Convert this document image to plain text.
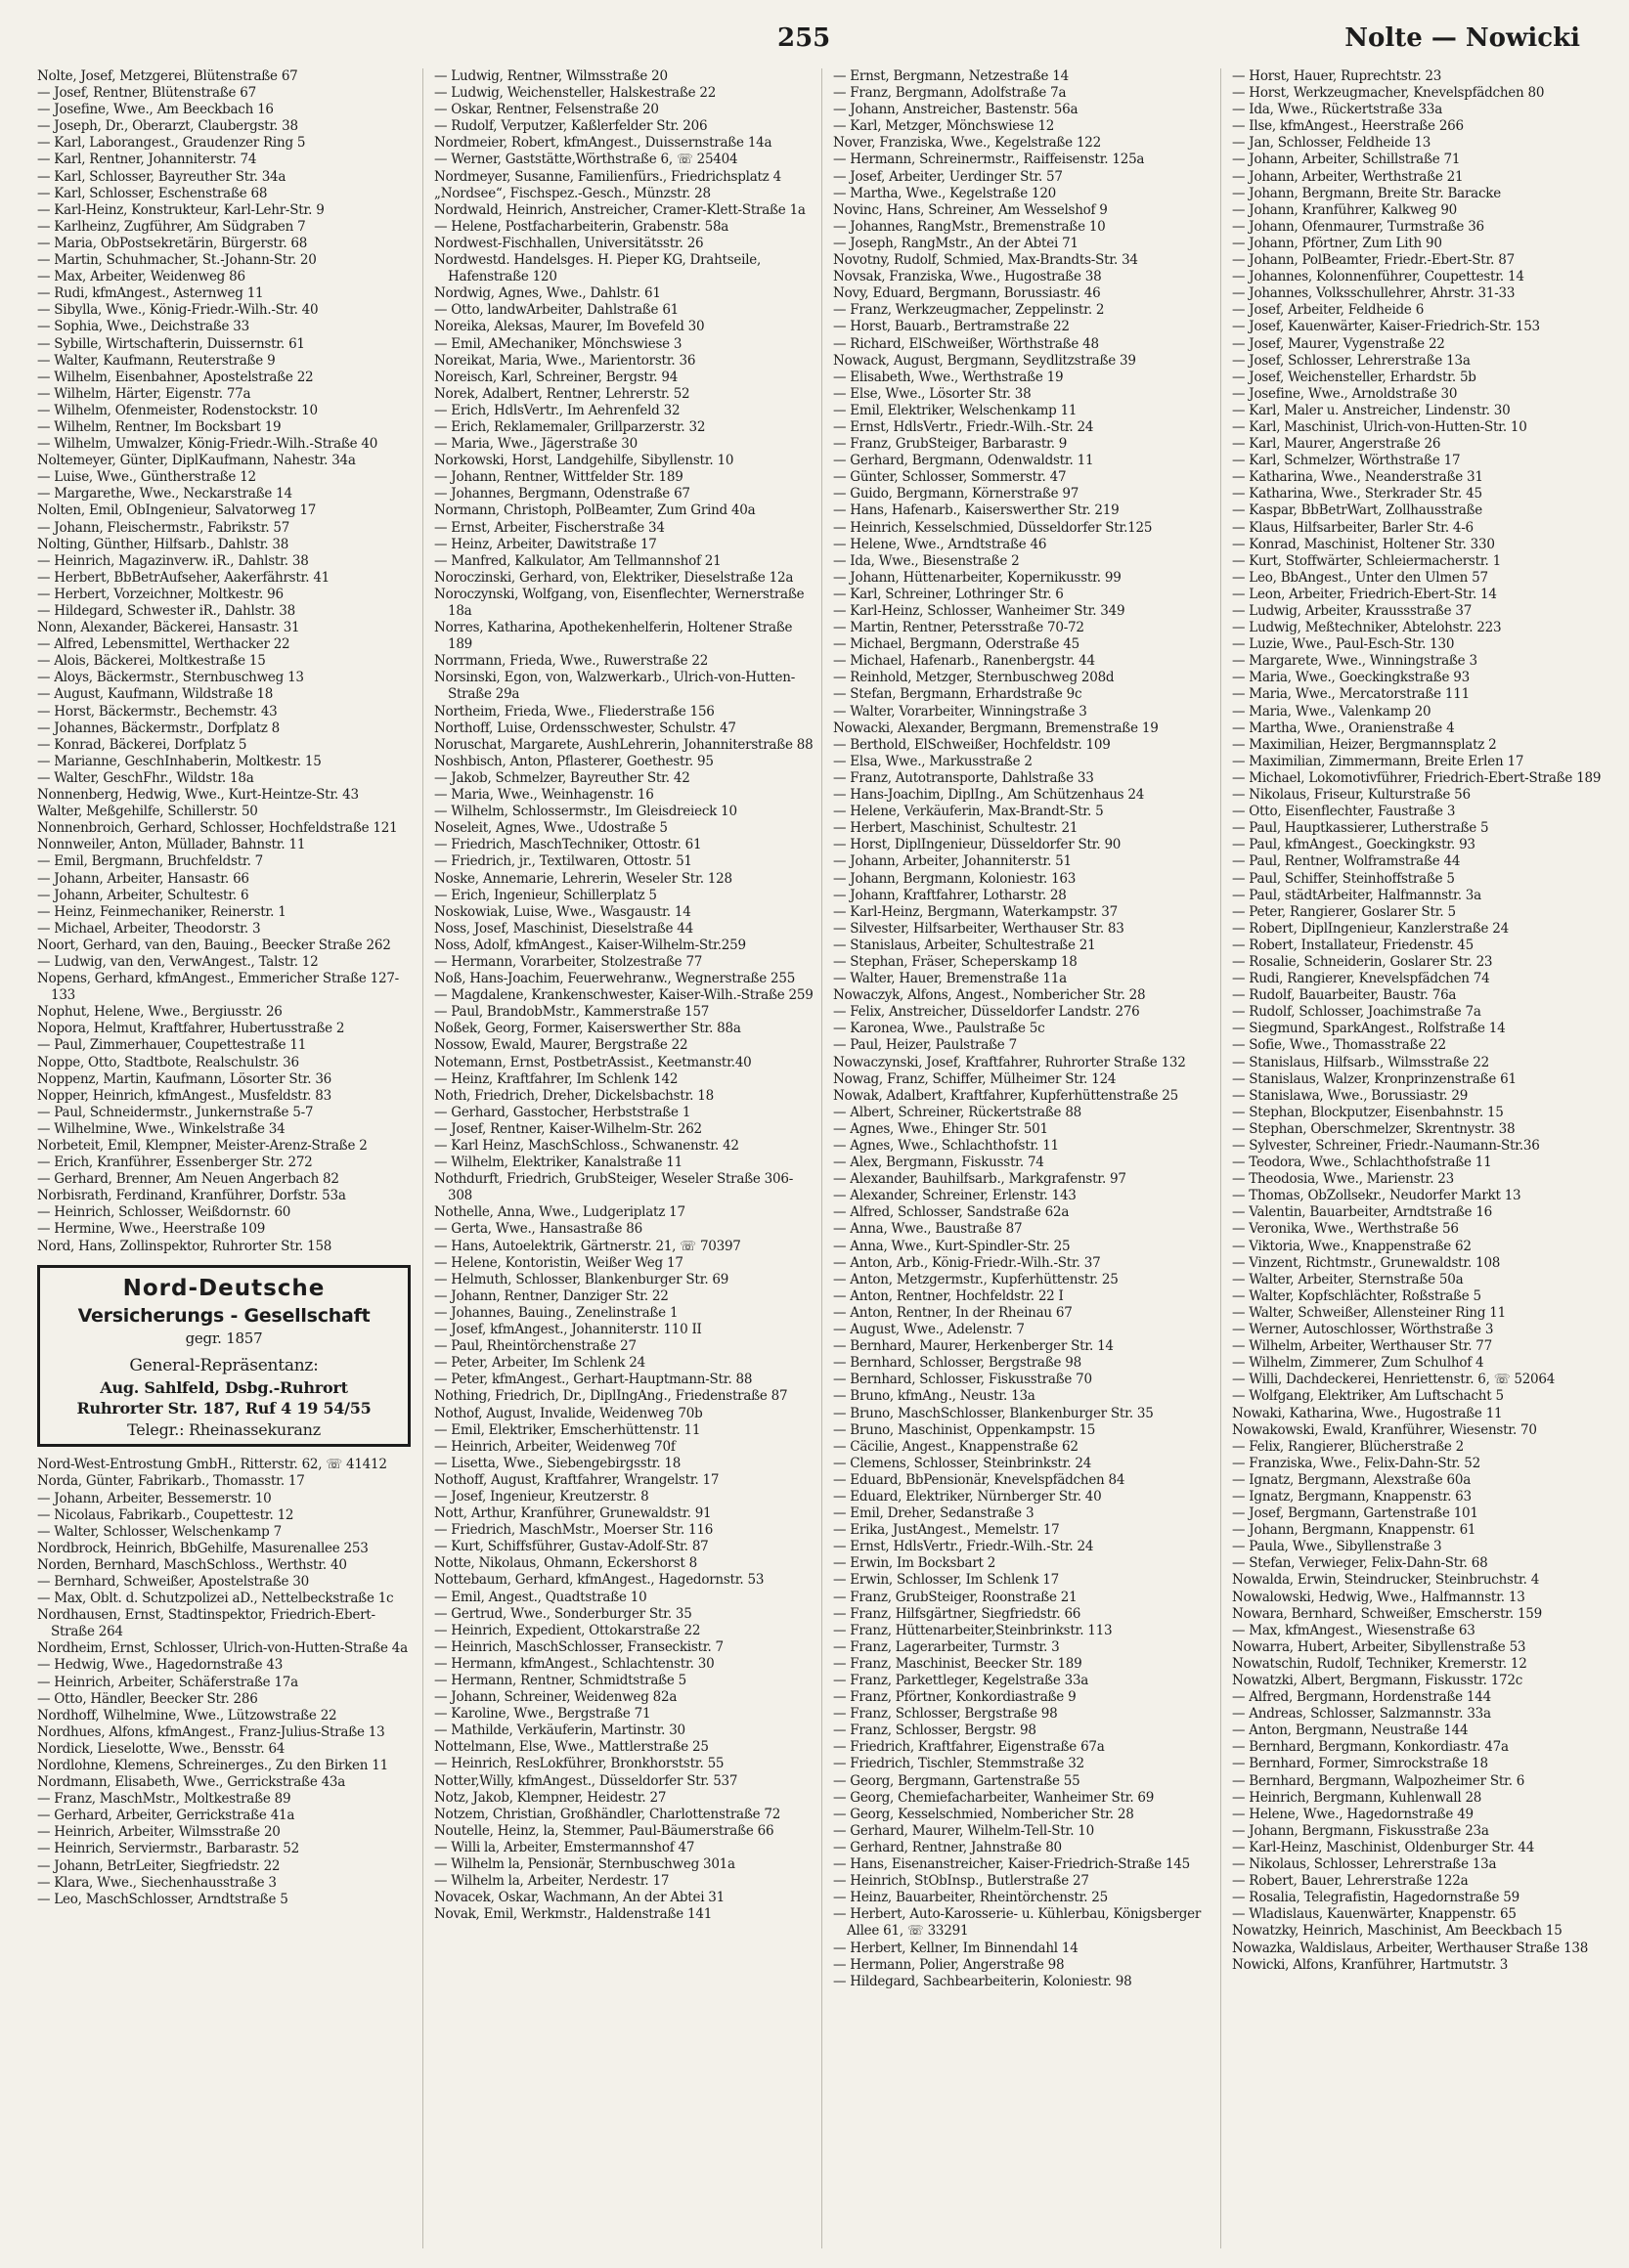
255	Nolte — Nowicki
Nolte, Josef, Metzgerei, Blütenstraße 67
— Josef, Rentner, Blütenstraße 67
— Josefine, Wwe., Am Beeckbach 16
— Joseph, Dr., Oberarzt, Claubergstr. 38
— Karl, Laborangest., Graudenzer Ring 5
— Karl, Rentner, Johanniterstr. 74
— Karl, Schlosser, Bayreuther Str. 34a
— Karl, Schlosser, Eschenstraße 68
— Karl-Heinz, Konstrukteur, Karl-Lehr-Str. 9
— Karlheinz, Zugführer, Am Südgraben 7
— Maria, ObPostsekretärin, Bürgerstr. 68
— Martin, Schuhmacher, St.-Johann-Str. 20
— Max, Arbeiter, Weidenweg 86
— Rudi, kfmAngest., Asternweg 11
— Sibylla, Wwe., König-Friedr.-Wilh.-Str. 40
— Sophia, Wwe., Deichstraße 33
— Sybille, Wirtschafterin, Duissernstr. 61
— Walter, Kaufmann, Reuterstraße 9
— Wilhelm, Eisenbahner, Apostelstraße 22
— Wilhelm, Härter, Eigenstr. 77a
— Wilhelm, Ofenmeister, Rodenstockstr. 10
— Wilhelm, Rentner, Im Bocksbart 19
— Wilhelm, Umwalzer, König-Friedr.-Wilh.-Straße 40
Noltemeyer, Günter, DiplKaufmann, Nahestr. 34a
— Luise, Wwe., Güntherstraße 12
— Margarethe, Wwe., Neckarstraße 14
Nolten, Emil, ObIngenieur, Salvatorweg 17
— Johann, Fleischermstr., Fabrikstr. 57
Nolting, Günther, Hilfsarb., Dahlstr. 38
— Heinrich, Magazinverw. iR., Dahlstr. 38
— Herbert, BbBetrAufseher, Aakerfährstr. 41
— Herbert, Vorzeichner, Moltkestr. 96
— Hildegard, Schwester iR., Dahlstr. 38
Nonn, Alexander, Bäckerei, Hansastr. 31
— Alfred, Lebensmittel, Werthacker 22
— Alois, Bäckerei, Moltkestraße 15
— Aloys, Bäckermstr., Sternbuschweg 13
— August, Kaufmann, Wildstraße 18
— Horst, Bäckermstr., Bechemstr. 43
— Johannes, Bäckermstr., Dorfplatz 8
— Konrad, Bäckerei, Dorfplatz 5
— Marianne, GeschInhaberin, Moltkestr. 15
— Walter, GeschFhr., Wildstr. 18a
Nonnenberg, Hedwig, Wwe., Kurt-Heintze-Str. 43
Walter, Meßgehilfe, Schillerstr. 50
Nonnenbroich, Gerhard, Schlosser, Hochfeldstraße 121
Nonnweiler, Anton, Müllader, Bahnstr. 11
— Emil, Bergmann, Bruchfeldstr. 7
— Johann, Arbeiter, Hansastr. 66
— Johann, Arbeiter, Schultestr. 6
— Heinz, Feinmechaniker, Reinerstr. 1
— Michael, Arbeiter, Theodorstr. 3
Noort, Gerhard, van den, Bauing., Beecker Straße 262
— Ludwig, van den, VerwAngest., Talstr. 12
Nopens, Gerhard, kfmAngest., Emmericher Straße 127-133
Nophut, Helene, Wwe., Bergiusstr. 26
Nopora, Helmut, Kraftfahrer, Hubertusstraße 2
— Paul, Zimmerhauer, Coupettestraße 11
Noppe, Otto, Stadtbote, Realschulstr. 36
Noppenz, Martin, Kaufmann, Lösorter Str. 36
Nopper, Heinrich, kfmAngest., Musfeldstr. 83
— Paul, Schneidermstr., Junkernstraße 5-7
— Wilhelmine, Wwe., Winkelstraße 34
Norbeteit, Emil, Klempner, Meister-Arenz-Straße 2
— Erich, Kranführer, Essenberger Str. 272
— Gerhard, Brenner, Am Neuen Angerbach 82
Norbisrath, Ferdinand, Kranführer, Dorfstr. 53a
— Heinrich, Schlosser, Weißdornstr. 60
— Hermine, Wwe., Heerstraße 109
Nord, Hans, Zollinspektor, Ruhrorter Str. 158
Nord-Deutsche
Versicherungs - Gesellschaft
gegr. 1857
General-Repräsentanz:
Aug. Sahlfeld, Dsbg.-Ruhrort
Ruhrorter Str. 187, Ruf 4 19 54/55
Telegr.: Rheinassekuranz
Nord-West-Entrostung GmbH., Ritterstr. 62, ☏ 41412
Norda, Günter, Fabrikarb., Thomasstr. 17
— Johann, Arbeiter, Bessemerstr. 10
— Nicolaus, Fabrikarb., Coupettestr. 12
— Walter, Schlosser, Welschenkamp 7
Nordbrock, Heinrich, BbGehilfe, Masurenallee 253
Norden, Bernhard, MaschSchloss., Werthstr. 40
— Bernhard, Schweißer, Apostelstraße 30
— Max, Oblt. d. Schutzpolizei aD., Nettelbeckstraße 1c
Nordhausen, Ernst, Stadtinspektor, Friedrich-Ebert-Straße 264
Nordheim, Ernst, Schlosser, Ulrich-von-Hutten-Straße 4a
— Hedwig, Wwe., Hagedornstraße 43
— Heinrich, Arbeiter, Schäferstraße 17a
— Otto, Händler, Beecker Str. 286
Nordhoff, Wilhelmine, Wwe., Lützowstraße 22
Nordhues, Alfons, kfmAngest., Franz-Julius-Straße 13
Nordick, Lieselotte, Wwe., Bensstr. 64
Nordlohne, Klemens, Schreinerges., Zu den Birken 11
Nordmann, Elisabeth, Wwe., Gerrickstraße 43a
— Franz, MaschMstr., Moltkestraße 89
— Gerhard, Arbeiter, Gerrickstraße 41a
— Heinrich, Arbeiter, Wilmsstraße 20
— Heinrich, Serviermstr., Barbarastr. 52
— Johann, BetrLeiter, Siegfriedstr. 22
— Klara, Wwe., Siechenhausstraße 3
— Leo, MaschSchlosser, Arndtstraße 5
— Ludwig, Rentner, Wilmsstraße 20
— Ludwig, Weichensteller, Halskestraße 22
— Oskar, Rentner, Felsenstraße 20
— Rudolf, Verputzer, Kaßlerfelder Str. 206
Nordmeier, Robert, kfmAngest., Duissernstraße 14a
— Werner, Gaststätte,Wörthstraße 6, ☏ 25404
Nordmeyer, Susanne, Familienfürs., Friedrichsplatz 4
„Nordsee“, Fischspez.-Gesch., Münzstr. 28
Nordwald, Heinrich, Anstreicher, Cramer-Klett-Straße 1a
— Helene, Postfacharbeiterin, Grabenstr. 58a
Nordwest-Fischhallen, Universitätsstr. 26
Nordwestd. Handelsges. H. Pieper KG, Drahtseile, Hafenstraße 120
Nordwig, Agnes, Wwe., Dahlstr. 61
— Otto, landwArbeiter, Dahlstraße 61
Noreika, Aleksas, Maurer, Im Bovefeld 30
— Emil, AMechaniker, Mönchswiese 3
Noreikat, Maria, Wwe., Marientorstr. 36
Noreisch, Karl, Schreiner, Bergstr. 94
Norek, Adalbert, Rentner, Lehrerstr. 52
— Erich, HdlsVertr., Im Aehrenfeld 32
— Erich, Reklamemaler, Grillparzerstr. 32
— Maria, Wwe., Jägerstraße 30
Norkowski, Horst, Landgehilfe, Sibyllenstr. 10
— Johann, Rentner, Wittfelder Str. 189
— Johannes, Bergmann, Odenstraße 67
Normann, Christoph, PolBeamter, Zum Grind 40a
— Ernst, Arbeiter, Fischerstraße 34
— Heinz, Arbeiter, Dawitstraße 17
— Manfred, Kalkulator, Am Tellmannshof 21
Noroczinski, Gerhard, von, Elektriker, Dieselstraße 12a
Noroczynski, Wolfgang, von, Eisenflechter, Wernerstraße 18a
Norres, Katharina, Apothekenhelferin, Holtener Straße 189
Norrmann, Frieda, Wwe., Ruwerstraße 22
Norsinski, Egon, von, Walzwerkarb., Ulrich-von-Hutten-Straße 29a
Northeim, Frieda, Wwe., Fliederstraße 156
Northoff, Luise, Ordensschwester, Schulstr. 47
Noruschat, Margarete, AushLehrerin, Johanniterstraße 88
Noshbisch, Anton, Pflasterer, Goethestr. 95
— Jakob, Schmelzer, Bayreuther Str. 42
— Maria, Wwe., Weinhagenstr. 16
— Wilhelm, Schlossermstr., Im Gleisdreieck 10
Noseleit, Agnes, Wwe., Udostraße 5
— Friedrich, MaschTechniker, Ottostr. 61
— Friedrich, jr., Textilwaren, Ottostr. 51
Noske, Annemarie, Lehrerin, Weseler Str. 128
— Erich, Ingenieur, Schillerplatz 5
Noskowiak, Luise, Wwe., Wasgaustr. 14
Noss, Josef, Maschinist, Dieselstraße 44
Noss, Adolf, kfmAngest., Kaiser-Wilhelm-Str.259
— Hermann, Vorarbeiter, Stolzestraße 77
Noß, Hans-Joachim, Feuerwehranw., Wegnerstraße 255
— Magdalene, Krankenschwester, Kaiser-Wilh.-Straße 259
— Paul, BrandobMstr., Kammerstraße 157
Noßek, Georg, Former, Kaiserswerther Str. 88a
Nossow, Ewald, Maurer, Bergstraße 22
Notemann, Ernst, PostbetrAssist., Keetmanstr.40
— Heinz, Kraftfahrer, Im Schlenk 142
Noth, Friedrich, Dreher, Dickelsbachstr. 18
— Gerhard, Gasstocher, Herbststraße 1
— Josef, Rentner, Kaiser-Wilhelm-Str. 262
— Karl Heinz, MaschSchloss., Schwanenstr. 42
— Wilhelm, Elektriker, Kanalstraße 11
Nothdurft, Friedrich, GrubSteiger, Weseler Straße 306-308
Nothelle, Anna, Wwe., Ludgeriplatz 17
— Gerta, Wwe., Hansastraße 86
— Hans, Autoelektrik, Gärtnerstr. 21, ☏ 70397
— Helene, Kontoristin, Weißer Weg 17
— Helmuth, Schlosser, Blankenburger Str. 69
— Johann, Rentner, Danziger Str. 22
— Johannes, Bauing., Zenelinstraße 1
— Josef, kfmAngest., Johanniterstr. 110 II
— Paul, Rheintörchenstraße 27
— Peter, Arbeiter, Im Schlenk 24
— Peter, kfmAngest., Gerhart-Hauptmann-Str. 88
Nothing, Friedrich, Dr., DiplIngAng., Friedenstraße 87
Nothof, August, Invalide, Weidenweg 70b
— Emil, Elektriker, Emscherhüttenstr. 11
— Heinrich, Arbeiter, Weidenweg 70f
— Lisetta, Wwe., Siebengebirgsstr. 18
Nothoff, August, Kraftfahrer, Wrangelstr. 17
— Josef, Ingenieur, Kreutzerstr. 8
Nott, Arthur, Kranführer, Grunewaldstr. 91
— Friedrich, MaschMstr., Moerser Str. 116
— Kurt, Schiffsführer, Gustav-Adolf-Str. 87
Notte, Nikolaus, Ohmann, Eckershorst 8
Nottebaum, Gerhard, kfmAngest., Hagedornstr. 53
— Emil, Angest., Quadtstraße 10
— Gertrud, Wwe., Sonderburger Str. 35
— Heinrich, Expedient, Ottokarstraße 22
— Heinrich, MaschSchlosser, Franseckistr. 7
— Hermann, kfmAngest., Schlachtenstr. 30
— Hermann, Rentner, Schmidtstraße 5
— Johann, Schreiner, Weidenweg 82a
— Karoline, Wwe., Bergstraße 71
— Mathilde, Verkäuferin, Martinstr. 30
Nottelmann, Else, Wwe., Mattlerstraße 25
— Heinrich, ResLokführer, Bronkhorststr. 55
Notter,Willy, kfmAngest., Düsseldorfer Str. 537
Notz, Jakob, Klempner, Heidestr. 27
Notzem, Christian, Großhändler, Charlottenstraße 72
Noutelle, Heinz, la, Stemmer, Paul-Bäumerstraße 66
— Willi la, Arbeiter, Emstermannshof 47
— Wilhelm la, Pensionär, Sternbuschweg 301a
— Wilhelm la, Arbeiter, Nerdestr. 17
Novacek, Oskar, Wachmann, An der Abtei 31
Novak, Emil, Werkmstr., Haldenstraße 141
— Ernst, Bergmann, Netzestraße 14
— Franz, Bergmann, Adolfstraße 7a
— Johann, Anstreicher, Bastenstr. 56a
— Karl, Metzger, Mönchswiese 12
Nover, Franziska, Wwe., Kegelstraße 122
— Hermann, Schreinermstr., Raiffeisenstr. 125a
— Josef, Arbeiter, Uerdinger Str. 57
— Martha, Wwe., Kegelstraße 120
Novinc, Hans, Schreiner, Am Wesselshof 9
— Johannes, RangMstr., Bremenstraße 10
— Joseph, RangMstr., An der Abtei 71
Novotny, Rudolf, Schmied, Max-Brandts-Str. 34
Novsak, Franziska, Wwe., Hugostraße 38
Novy, Eduard, Bergmann, Borussiastr. 46
— Franz, Werkzeugmacher, Zeppelinstr. 2
— Horst, Bauarb., Bertramstraße 22
— Richard, ElSchweißer, Wörthstraße 48
Nowack, August, Bergmann, Seydlitzstraße 39
— Elisabeth, Wwe., Werthstraße 19
— Else, Wwe., Lösorter Str. 38
— Emil, Elektriker, Welschenkamp 11
— Ernst, HdlsVertr., Friedr.-Wilh.-Str. 24
— Franz, GrubSteiger, Barbarastr. 9
— Gerhard, Bergmann, Odenwaldstr. 11
— Günter, Schlosser, Sommerstr. 47
— Guido, Bergmann, Körnerstraße 97
— Hans, Hafenarb., Kaiserswerther Str. 219
— Heinrich, Kesselschmied, Düsseldorfer Str.125
— Helene, Wwe., Arndtstraße 46
— Ida, Wwe., Biesenstraße 2
— Johann, Hüttenarbeiter, Kopernikusstr. 99
— Karl, Schreiner, Lothringer Str. 6
— Karl-Heinz, Schlosser, Wanheimer Str. 349
— Martin, Rentner, Petersstraße 70-72
— Michael, Bergmann, Oderstraße 45
— Michael, Hafenarb., Ranenbergstr. 44
— Reinhold, Metzger, Sternbuschweg 208d
— Stefan, Bergmann, Erhardstraße 9c
— Walter, Vorarbeiter, Winningstraße 3
Nowacki, Alexander, Bergmann, Bremenstraße 19
— Berthold, ElSchweißer, Hochfeldstr. 109
— Elsa, Wwe., Markusstraße 2
— Franz, Autotransporte, Dahlstraße 33
— Hans-Joachim, DiplIng., Am Schützenhaus 24
— Helene, Verkäuferin, Max-Brandt-Str. 5
— Herbert, Maschinist, Schultestr. 21
— Horst, DiplIngenieur, Düsseldorfer Str. 90
— Johann, Arbeiter, Johanniterstr. 51
— Johann, Bergmann, Koloniestr. 163
— Johann, Kraftfahrer, Lotharstr. 28
— Karl-Heinz, Bergmann, Waterkampstr. 37
— Silvester, Hilfsarbeiter, Werthauser Str. 83
— Stanislaus, Arbeiter, Schultestraße 21
— Stephan, Fräser, Scheperskamp 18
— Walter, Hauer, Bremenstraße 11a
Nowaczyk, Alfons, Angest., Nombericher Str. 28
— Felix, Anstreicher, Düsseldorfer Landstr. 276
— Karonea, Wwe., Paulstraße 5c
— Paul, Heizer, Paulstraße 7
Nowaczynski, Josef, Kraftfahrer, Ruhrorter Straße 132
Nowag, Franz, Schiffer, Mülheimer Str. 124
Nowak, Adalbert, Kraftfahrer, Kupferhüttenstraße 25
— Albert, Schreiner, Rückertstraße 88
— Agnes, Wwe., Ehinger Str. 501
— Agnes, Wwe., Schlachthofstr. 11
— Alex, Bergmann, Fiskusstr. 74
— Alexander, Bauhilfsarb., Markgrafenstr. 97
— Alexander, Schreiner, Erlenstr. 143
— Alfred, Schlosser, Sandstraße 62a
— Anna, Wwe., Baustraße 87
— Anna, Wwe., Kurt-Spindler-Str. 25
— Anton, Arb., König-Friedr.-Wilh.-Str. 37
— Anton, Metzgermstr., Kupferhüttenstr. 25
— Anton, Rentner, Hochfeldstr. 22 I
— Anton, Rentner, In der Rheinau 67
— August, Wwe., Adelenstr. 7
— Bernhard, Maurer, Herkenberger Str. 14
— Bernhard, Schlosser, Bergstraße 98
— Bernhard, Schlosser, Fiskusstraße 70
— Bruno, kfmAng., Neustr. 13a
— Bruno, MaschSchlosser, Blankenburger Str. 35
— Bruno, Maschinist, Oppenkampstr. 15
— Cäcilie, Angest., Knappenstraße 62
— Clemens, Schlosser, Steinbrinkstr. 24
— Eduard, BbPensionär, Knevelspfädchen 84
— Eduard, Elektriker, Nürnberger Str. 40
— Emil, Dreher, Sedanstraße 3
— Erika, JustAngest., Memelstr. 17
— Ernst, HdlsVertr., Friedr.-Wilh.-Str. 24
— Erwin, Im Bocksbart 2
— Erwin, Schlosser, Im Schlenk 17
— Franz, GrubSteiger, Roonstraße 21
— Franz, Hilfsgärtner, Siegfriedstr. 66
— Franz, Hüttenarbeiter,Steinbrinkstr. 113
— Franz, Lagerarbeiter, Turmstr. 3
— Franz, Maschinist, Beecker Str. 189
— Franz, Parkettleger, Kegelstraße 33a
— Franz, Pförtner, Konkordiastraße 9
— Franz, Schlosser, Bergstraße 98
— Franz, Schlosser, Bergstr. 98
— Friedrich, Kraftfahrer, Eigenstraße 67a
— Friedrich, Tischler, Stemmstraße 32
— Georg, Bergmann, Gartenstraße 55
— Georg, Chemiefacharbeiter, Wanheimer Str. 69
— Georg, Kesselschmied, Nombericher Str. 28
— Gerhard, Maurer, Wilhelm-Tell-Str. 10
— Gerhard, Rentner, Jahnstraße 80
— Hans, Eisenanstreicher, Kaiser-Friedrich-Straße 145
— Heinrich, StObInsp., Butlerstraße 27
— Heinz, Bauarbeiter, Rheintörchenstr. 25
— Herbert, Auto-Karosserie- u. Kühlerbau, Königsberger Allee 61, ☏ 33291
— Herbert, Kellner, Im Binnendahl 14
— Hermann, Polier, Angerstraße 98
— Hildegard, Sachbearbeiterin, Koloniestr. 98
— Horst, Hauer, Ruprechtstr. 23
— Horst, Werkzeugmacher, Knevelspfädchen 80
— Ida, Wwe., Rückertstraße 33a
— Ilse, kfmAngest., Heerstraße 266
— Jan, Schlosser, Feldheide 13
— Johann, Arbeiter, Schillstraße 71
— Johann, Arbeiter, Werthstraße 21
— Johann, Bergmann, Breite Str. Baracke
— Johann, Kranführer, Kalkweg 90
— Johann, Ofenmaurer, Turmstraße 36
— Johann, Pförtner, Zum Lith 90
— Johann, PolBeamter, Friedr.-Ebert-Str. 87
— Johannes, Kolonnenführer, Coupettestr. 14
— Johannes, Volksschullehrer, Ahrstr. 31-33
— Josef, Arbeiter, Feldheide 6
— Josef, Kauenwärter, Kaiser-Friedrich-Str. 153
— Josef, Maurer, Vygenstraße 22
— Josef, Schlosser, Lehrerstraße 13a
— Josef, Weichensteller, Erhardstr. 5b
— Josefine, Wwe., Arnoldstraße 30
— Karl, Maler u. Anstreicher, Lindenstr. 30
— Karl, Maschinist, Ulrich-von-Hutten-Str. 10
— Karl, Maurer, Angerstraße 26
— Karl, Schmelzer, Wörthstraße 17
— Katharina, Wwe., Neanderstraße 31
— Katharina, Wwe., Sterkrader Str. 45
— Kaspar, BbBetrWart, Zollhausstraße
— Klaus, Hilfsarbeiter, Barler Str. 4-6
— Konrad, Maschinist, Holtener Str. 330
— Kurt, Stoffwärter, Schleiermacherstr. 1
— Leo, BbAngest., Unter den Ulmen 57
— Leon, Arbeiter, Friedrich-Ebert-Str. 14
— Ludwig, Arbeiter, Kraussstraße 37
— Ludwig, Meßtechniker, Abtelohstr. 223
— Luzie, Wwe., Paul-Esch-Str. 130
— Margarete, Wwe., Winningstraße 3
— Maria, Wwe., Goeckingkstraße 93
— Maria, Wwe., Mercatorstraße 111
— Maria, Wwe., Valenkamp 20
— Martha, Wwe., Oranienstraße 4
— Maximilian, Heizer, Bergmannsplatz 2
— Maximilian, Zimmermann, Breite Erlen 17
— Michael, Lokomotivführer, Friedrich-Ebert-Straße 189
— Nikolaus, Friseur, Kulturstraße 56
— Otto, Eisenflechter, Faustraße 3
— Paul, Hauptkassierer, Lutherstraße 5
— Paul, kfmAngest., Goeckingkstr. 93
— Paul, Rentner, Wolframstraße 44
— Paul, Schiffer, Steinhoffstraße 5
— Paul, städtArbeiter, Halfmannstr. 3a
— Peter, Rangierer, Goslarer Str. 5
— Robert, DiplIngenieur, Kanzlerstraße 24
— Robert, Installateur, Friedenstr. 45
— Rosalie, Schneiderin, Goslarer Str. 23
— Rudi, Rangierer, Knevelspfädchen 74
— Rudolf, Bauarbeiter, Baustr. 76a
— Rudolf, Schlosser, Joachimstraße 7a
— Siegmund, SparkAngest., Rolfstraße 14
— Sofie, Wwe., Thomasstraße 22
— Stanislaus, Hilfsarb., Wilmsstraße 22
— Stanislaus, Walzer, Kronprinzenstraße 61
— Stanislawa, Wwe., Borussiastr. 29
— Stephan, Blockputzer, Eisenbahnstr. 15
— Stephan, Oberschmelzer, Skrentnystr. 38
— Sylvester, Schreiner, Friedr.-Naumann-Str.36
— Teodora, Wwe., Schlachthofstraße 11
— Theodosia, Wwe., Marienstr. 23
— Thomas, ObZollsekr., Neudorfer Markt 13
— Valentin, Bauarbeiter, Arndtstraße 16
— Veronika, Wwe., Werthstraße 56
— Viktoria, Wwe., Knappenstraße 62
— Vinzent, Richtmstr., Grunewaldstr. 108
— Walter, Arbeiter, Sternstraße 50a
— Walter, Kopfschlächter, Roßstraße 5
— Walter, Schweißer, Allensteiner Ring 11
— Werner, Autoschlosser, Wörthstraße 3
— Wilhelm, Arbeiter, Werthauser Str. 77
— Wilhelm, Zimmerer, Zum Schulhof 4
— Willi, Dachdeckerei, Henriettenstr. 6, ☏ 52064
— Wolfgang, Elektriker, Am Luftschacht 5
Nowaki, Katharina, Wwe., Hugostraße 11
Nowakowski, Ewald, Kranführer, Wiesenstr. 70
— Felix, Rangierer, Blücherstraße 2
— Franziska, Wwe., Felix-Dahn-Str. 52
— Ignatz, Bergmann, Alexstraße 60a
— Ignatz, Bergmann, Knappenstr. 63
— Josef, Bergmann, Gartenstraße 101
— Johann, Bergmann, Knappenstr. 61
— Paula, Wwe., Sibyllenstraße 3
— Stefan, Verwieger, Felix-Dahn-Str. 68
Nowalda, Erwin, Steindrucker, Steinbruchstr. 4
Nowalowski, Hedwig, Wwe., Halfmannstr. 13
Nowara, Bernhard, Schweißer, Emscherstr. 159
— Max, kfmAngest., Wiesenstraße 63
Nowarra, Hubert, Arbeiter, Sibyllenstraße 53
Nowatschin, Rudolf, Techniker, Kremerstr. 12
Nowatzki, Albert, Bergmann, Fiskusstr. 172c
— Alfred, Bergmann, Hordenstraße 144
— Andreas, Schlosser, Salzmannstr. 33a
— Anton, Bergmann, Neustraße 144
— Bernhard, Bergmann, Konkordiastr. 47a
— Bernhard, Former, Simrockstraße 18
— Bernhard, Bergmann, Walpozheimer Str. 6
— Heinrich, Bergmann, Kuhlenwall 28
— Helene, Wwe., Hagedornstraße 49
— Johann, Bergmann, Fiskusstraße 23a
— Karl-Heinz, Maschinist, Oldenburger Str. 44
— Nikolaus, Schlosser, Lehrerstraße 13a
— Robert, Bauer, Lehrerstraße 122a
— Rosalia, Telegrafistin, Hagedornstraße 59
— Wladislaus, Kauenwärter, Knappenstr. 65
Nowatzky, Heinrich, Maschinist, Am Beeckbach 15
Nowazka, Waldislaus, Arbeiter, Werthauser Straße 138
Nowicki, Alfons, Kranführer, Hartmutstr. 3
